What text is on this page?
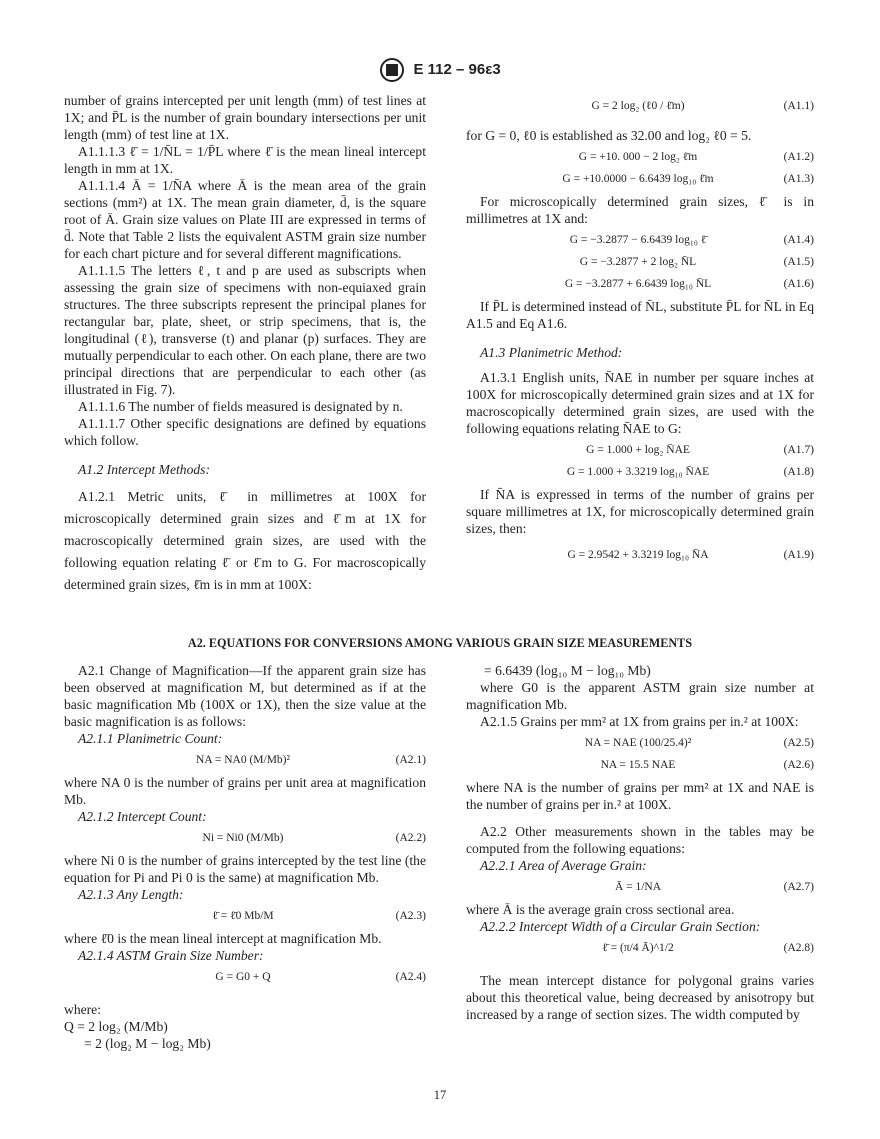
E 112 – 96ε3

number of grains intercepted per unit length (mm) of test lines at 1X; and P̄L is the number of grain boundary intersections per unit length (mm) of test line at 1X.

A1.1.1.3 ℓ̄ = 1/N̄L = 1/P̄L where ℓ̄ is the mean lineal intercept length in mm at 1X.

A1.1.1.4 Ā = 1/N̄A where Ā is the mean area of the grain sections (mm²) at 1X. The mean grain diameter, d̄, is the square root of Ā. Grain size values on Plate III are expressed in terms of d̄. Note that Table 2 lists the equivalent ASTM grain size number for each chart picture and for several different magnifications.

A1.1.1.5 The letters ℓ, t and p are used as subscripts when assessing the grain size of specimens with non-equiaxed grain structures. The three subscripts represent the principal planes for rectangular bar, plate, sheet, or strip specimens, that is, the longitudinal (ℓ), transverse (t) and planar (p) surfaces. They are mutually perpendicular to each other. On each plane, there are two principal directions that are perpendicular to each other (as illustrated in Fig. 7).

A1.1.1.6 The number of fields measured is designated by n.

A1.1.1.7 Other specific designations are defined by equations which follow.

A1.2 Intercept Methods:

A1.2.1 Metric units, ℓ̄ in millimetres at 100X for microscopically determined grain sizes and ℓ̄m at 1X for macroscopically determined grain sizes, are used with the following equation relating ℓ̄ or ℓ̄m to G. For macroscopically determined grain sizes, ℓ̄m is in mm at 100X:

G = 2 log₂ (ℓ0 / ℓ̄m)	(A1.1)

for G = 0, ℓ0 is established as 32.00 and log₂ ℓ0 = 5.

G = +10. 000 − 2 log₂ ℓ̄m	(A1.2)
G = +10.0000 − 6.6439 log₁₀ ℓ̄m	(A1.3)

For microscopically determined grain sizes, ℓ̄ is in millimetres at 1X and:

G = −3.2877 − 6.6439 log₁₀ ℓ̄	(A1.4)
G = −3.2877 + 2 log₂ N̄L	(A1.5)
G = −3.2877 + 6.6439 log₁₀ N̄L	(A1.6)

If P̄L is determined instead of N̄L, substitute P̄L for N̄L in Eq A1.5 and Eq A1.6.

A1.3 Planimetric Method:

A1.3.1 English units, N̄AE in number per square inches at 100X for microscopically determined grain sizes and at 1X for macroscopically determined grain sizes, are used with the following equations relating N̄AE to G:

G = 1.000 + log₂ N̄AE	(A1.7)
G = 1.000 + 3.3219 log₁₀ N̄AE	(A1.8)

If N̄A is expressed in terms of the number of grains per square millimetres at 1X, for microscopically determined grain sizes, then:

G = 2.9542 + 3.3219 log₁₀ N̄A	(A1.9)
A2. EQUATIONS FOR CONVERSIONS AMONG VARIOUS GRAIN SIZE MEASUREMENTS

A2.1 Change of Magnification—If the apparent grain size has been observed at magnification M, but determined as if at the basic magnification Mb (100X or 1X), then the size value at the basic magnification is as follows:

A2.1.1 Planimetric Count:

NA = NA0 (M/Mb)²	(A2.1)

where NA 0 is the number of grains per unit area at magnification Mb.

A2.1.2 Intercept Count:

Ni = Ni0 (M/Mb)	(A2.2)

where Ni 0 is the number of grains intercepted by the test line (the equation for Pi and Pi 0 is the same) at magnification Mb.

A2.1.3 Any Length:

ℓ̄ = ℓ̄0 Mb/M	(A2.3)

where ℓ̄0 is the mean lineal intercept at magnification Mb.

A2.1.4 ASTM Grain Size Number:

G = G0 + Q	(A2.4)

where:

Q = 2 log₂ (M/Mb)

= 2 (log₂ M − log₂ Mb)

= 6.6439 (log₁₀ M − log₁₀ Mb)

where G0 is the apparent ASTM grain size number at magnification Mb.

A2.1.5 Grains per mm² at 1X from grains per in.² at 100X:

NA = NAE (100/25.4)²	(A2.5)
NA = 15.5 NAE	(A2.6)

where NA is the number of grains per mm² at 1X and NAE is the number of grains per in.² at 100X.

A2.2 Other measurements shown in the tables may be computed from the following equations:

A2.2.1 Area of Average Grain:

Ā = 1/NA	(A2.7)

where Ā is the average grain cross sectional area.

A2.2.2 Intercept Width of a Circular Grain Section:

ℓ̄ = (π/4 Ā)^1/2	(A2.8)

The mean intercept distance for polygonal grains varies about this theoretical value, being decreased by anisotropy but increased by a range of section sizes. The width computed by

17
